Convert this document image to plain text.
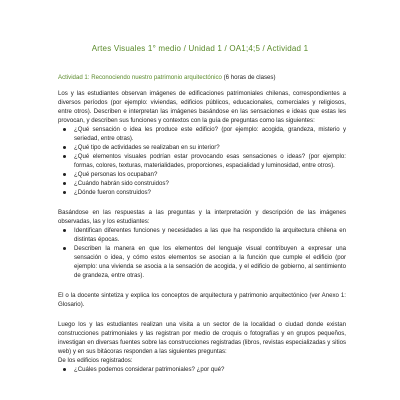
Artes Visuales 1° medio / Unidad 1 / OA1;4;5 / Actividad 1

Actividad 1: Reconociendo nuestro patrimonio arquitectónico (6 horas de clases)

Los y las estudiantes observan imágenes de edificaciones patrimoniales chilenas, correspondientes a diversos períodos (por ejemplo: viviendas, edificios públicos, educacionales, comerciales y religiosos, entre otros). Describen e interpretan las imágenes basándose en las sensaciones e ideas que estas les provocan, y describen sus funciones y contextos con la guía de preguntas como las siguientes:

¿Qué sensación o idea les produce este edificio? (por ejemplo: acogida, grandeza, misterio y seriedad, entre otras).
¿Qué tipo de actividades se realizaban en su interior?
¿Qué elementos visuales podrían estar provocando esas sensaciones o ideas? (por ejemplo: formas, colores, texturas, materialidades, proporciones, espacialidad y luminosidad, entre otros).
¿Qué personas los ocupaban?
¿Cuándo habrán sido construidos?
¿Dónde fueron construidos?

Basándose en las respuestas a las preguntas y la interpretación y descripción de las imágenes observadas, las y los estudiantes:

Identifican diferentes funciones y necesidades a las que ha respondido la arquitectura chilena en distintas épocas.
Describen la manera en que los elementos del lenguaje visual contribuyen a expresar una sensación o idea, y cómo estos elementos se asocian a la función que cumple el edificio (por ejemplo: una vivienda se asocia a la sensación de acogida, y el edificio de gobierno, al sentimiento de grandeza, entre otras).

El o la docente sintetiza y explica los conceptos de arquitectura y patrimonio arquitectónico (ver Anexo 1: Glosario).

Luego los y las estudiantes realizan una visita a un sector de la localidad o ciudad donde existan construcciones patrimoniales y las registran por medio de croquis o fotografías y en grupos pequeños, investigan en diversas fuentes sobre las construcciones registradas (libros, revistas especializadas y sitios web) y en sus bitácoras responden a las siguientes preguntas:

De los edificios registrados:

¿Cuáles podemos considerar patrimoniales? ¿por qué?
